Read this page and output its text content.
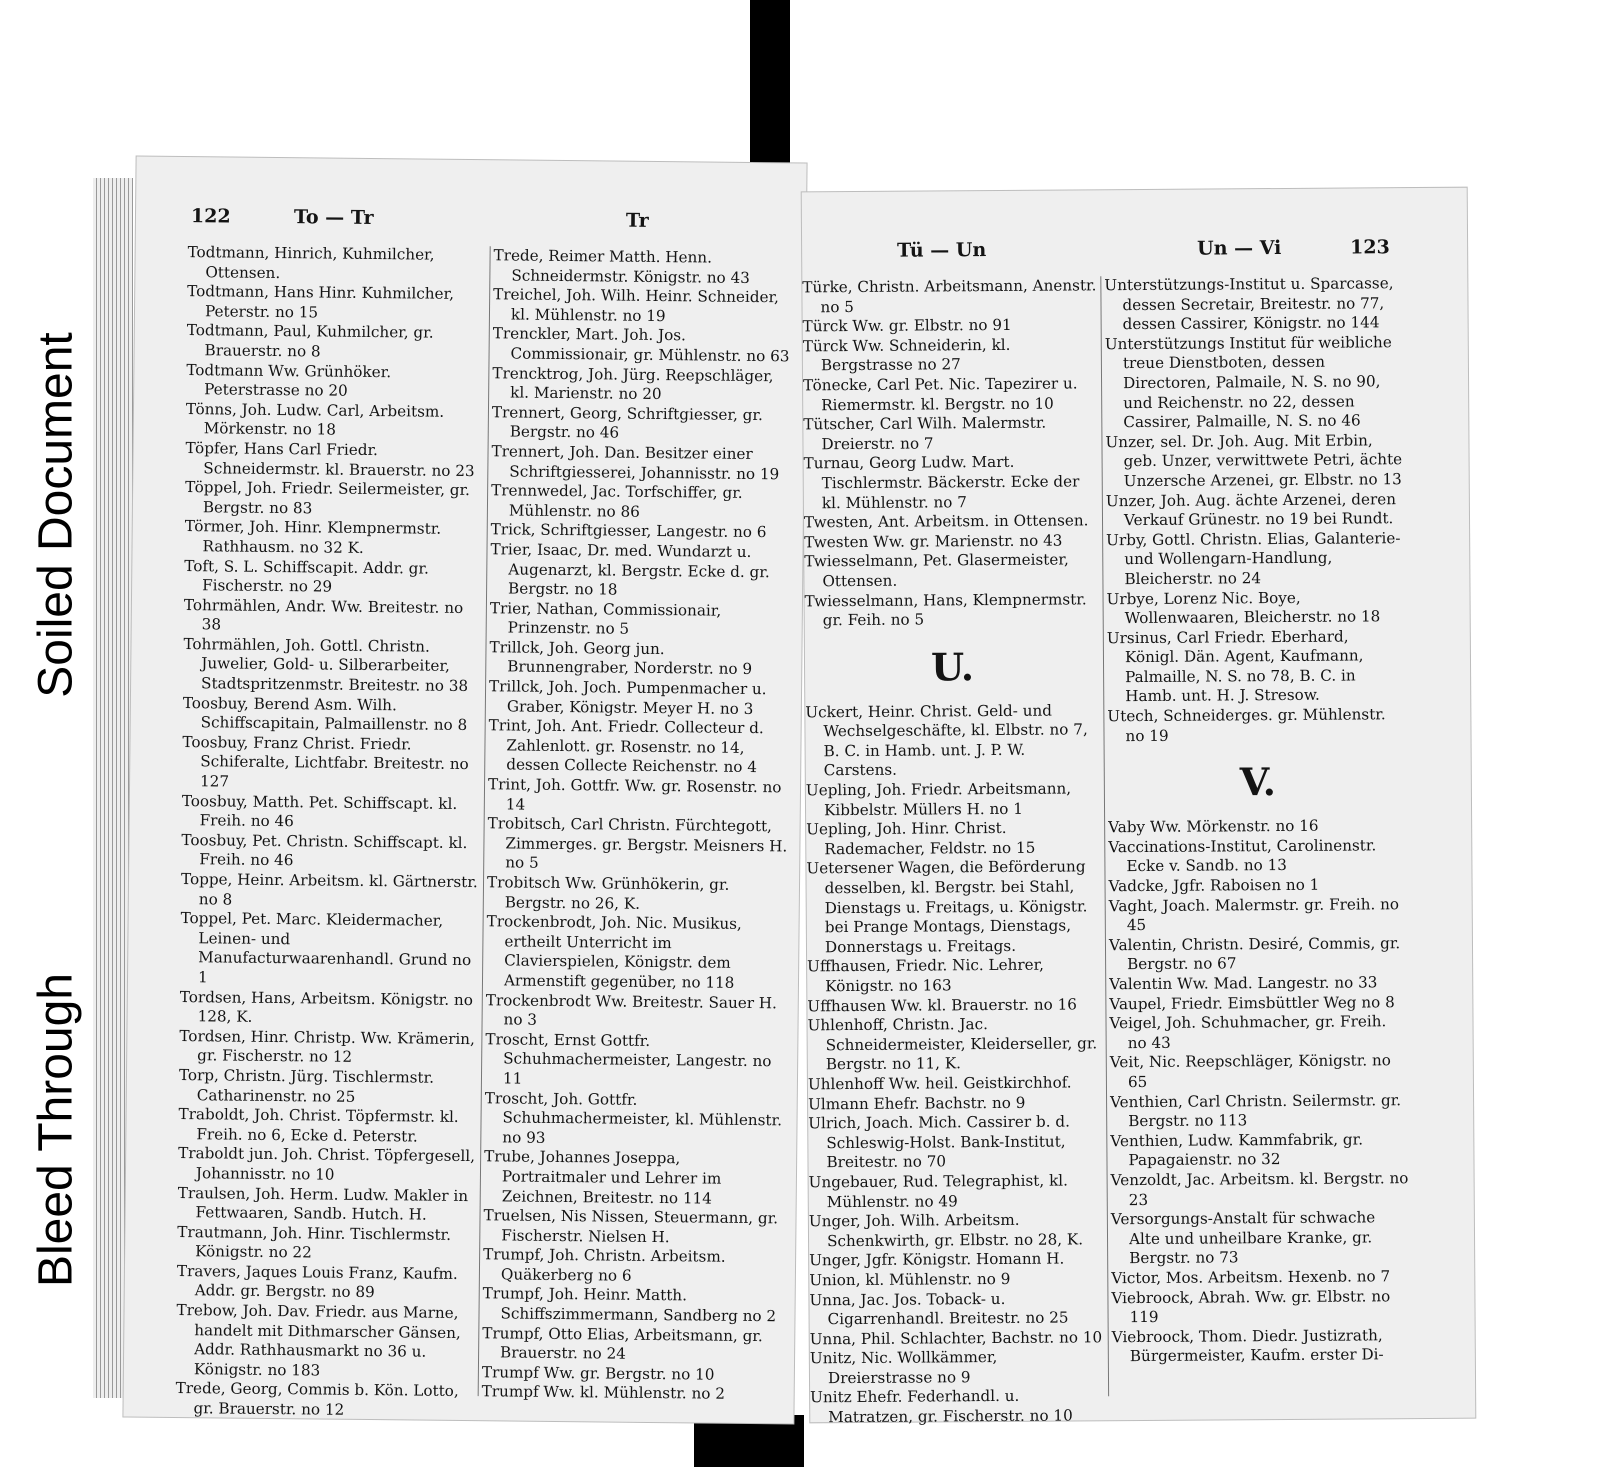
Soiled Document
Bleed Through
122	To — Tr	Tr
Todtmann, Hinrich, Kuhmilcher, Ottensen.
Todtmann, Hans Hinr. Kuhmilcher, Peterstr. no 15
Todtmann, Paul, Kuhmilcher, gr. Brauerstr. no 8
Todtmann Ww. Grünhöker. Peterstrasse no 20
Tönns, Joh. Ludw. Carl, Arbeitsm. Mörkenstr. no 18
Töpfer, Hans Carl Friedr. Schneidermstr. kl. Brauerstr. no 23
Töppel, Joh. Friedr. Seilermeister, gr. Bergstr. no 83
Törmer, Joh. Hinr. Klempnermstr. Rathhausm. no 32 K.
Toft, S. L. Schiffscapit. Addr. gr. Fischerstr. no 29
Tohrmählen, Andr. Ww. Breitestr. no 38
Tohrmählen, Joh. Gottl. Christn. Juwelier, Gold- u. Silberarbeiter, Stadtspritzenmstr. Breitestr. no 38
Toosbuy, Berend Asm. Wilh. Schiffscapitain, Palmaillenstr. no 8
Toosbuy, Franz Christ. Friedr. Schiferalte, Lichtfabr. Breitestr. no 127
Toosbuy, Matth. Pet. Schiffscapt. kl. Freih. no 46
Toosbuy, Pet. Christn. Schiffscapt. kl. Freih. no 46
Toppe, Heinr. Arbeitsm. kl. Gärtnerstr. no 8
Toppel, Pet. Marc. Kleidermacher, Leinen- und Manufacturwaarenhandl. Grund no 1
Tordsen, Hans, Arbeitsm. Königstr. no 128, K.
Tordsen, Hinr. Christp. Ww. Krämerin, gr. Fischerstr. no 12
Torp, Christn. Jürg. Tischlermstr. Catharinenstr. no 25
Traboldt, Joh. Christ. Töpfermstr. kl. Freih. no 6, Ecke d. Peterstr.
Traboldt jun. Joh. Christ. Töpfergesell, Johannisstr. no 10
Traulsen, Joh. Herm. Ludw. Makler in Fettwaaren, Sandb. Hutch. H.
Trautmann, Joh. Hinr. Tischlermstr. Königstr. no 22
Travers, Jaques Louis Franz, Kaufm. Addr. gr. Bergstr. no 89
Trebow, Joh. Dav. Friedr. aus Marne, handelt mit Dithmarscher Gänsen, Addr. Rathhausmarkt no 36 u. Königstr. no 183
Trede, Georg, Commis b. Kön. Lotto, gr. Brauerstr. no 12
Trede, Reimer Matth. Henn. Schneidermstr. Königstr. no 43
Treichel, Joh. Wilh. Heinr. Schneider, kl. Mühlenstr. no 19
Trenckler, Mart. Joh. Jos. Commissionair, gr. Mühlenstr. no 63
Trencktrog, Joh. Jürg. Reepschläger, kl. Marienstr. no 20
Trennert, Georg, Schriftgiesser, gr. Bergstr. no 46
Trennert, Joh. Dan. Besitzer einer Schriftgiesserei, Johannisstr. no 19
Trennwedel, Jac. Torfschiffer, gr. Mühlenstr. no 86
Trick, Schriftgiesser, Langestr. no 6
Trier, Isaac, Dr. med. Wundarzt u. Augenarzt, kl. Bergstr. Ecke d. gr. Bergstr. no 18
Trier, Nathan, Commissionair, Prinzenstr. no 5
Trillck, Joh. Georg jun. Brunnengraber, Norderstr. no 9
Trillck, Joh. Joch. Pumpenmacher u. Graber, Königstr. Meyer H. no 3
Trint, Joh. Ant. Friedr. Collecteur d. Zahlenlott. gr. Rosenstr. no 14, dessen Collecte Reichenstr. no 4
Trint, Joh. Gottfr. Ww. gr. Rosenstr. no 14
Trobitsch, Carl Christn. Fürchtegott, Zimmerges. gr. Bergstr. Meisners H. no 5
Trobitsch Ww. Grünhökerin, gr. Bergstr. no 26, K.
Trockenbrodt, Joh. Nic. Musikus, ertheilt Unterricht im Clavierspielen, Königstr. dem Armenstift gegenüber, no 118
Trockenbrodt Ww. Breitestr. Sauer H. no 3
Troscht, Ernst Gottfr. Schuhmachermeister, Langestr. no 11
Troscht, Joh. Gottfr. Schuhmachermeister, kl. Mühlenstr. no 93
Trube, Johannes Joseppa, Portraitmaler und Lehrer im Zeichnen, Breitestr. no 114
Truelsen, Nis Nissen, Steuermann, gr. Fischerstr. Nielsen H.
Trumpf, Joh. Christn. Arbeitsm. Quäkerberg no 6
Trumpf, Joh. Heinr. Matth. Schiffszimmermann, Sandberg no 2
Trumpf, Otto Elias, Arbeitsmann, gr. Brauerstr. no 24
Trumpf Ww. gr. Bergstr. no 10
Trumpf Ww. kl. Mühlenstr. no 2
Tü — Un	Un — Vi	123
Türke, Christn. Arbeitsmann, Anenstr. no 5
Türck Ww. gr. Elbstr. no 91
Türck Ww. Schneiderin, kl. Bergstrasse no 27
Tönecke, Carl Pet. Nic. Tapezirer u. Riemermstr. kl. Bergstr. no 10
Tütscher, Carl Wilh. Malermstr. Dreierstr. no 7
Turnau, Georg Ludw. Mart. Tischlermstr. Bäckerstr. Ecke der kl. Mühlenstr. no 7
Twesten, Ant. Arbeitsm. in Ottensen.
Twesten Ww. gr. Marienstr. no 43
Twiesselmann, Pet. Glasermeister, Ottensen.
Twiesselmann, Hans, Klempnermstr. gr. Feih. no 5
U.
Uckert, Heinr. Christ. Geld- und Wechselgeschäfte, kl. Elbstr. no 7, B. C. in Hamb. unt. J. P. W. Carstens.
Uepling, Joh. Friedr. Arbeitsmann, Kibbelstr. Müllers H. no 1
Uepling, Joh. Hinr. Christ. Rademacher, Feldstr. no 15
Uetersener Wagen, die Beförderung desselben, kl. Bergstr. bei Stahl, Dienstags u. Freitags, u. Königstr. bei Prange Montags, Dienstags, Donnerstags u. Freitags.
Uffhausen, Friedr. Nic. Lehrer, Königstr. no 163
Uffhausen Ww. kl. Brauerstr. no 16
Uhlenhoff, Christn. Jac. Schneidermeister, Kleiderseller, gr. Bergstr. no 11, K.
Uhlenhoff Ww. heil. Geistkirchhof.
Ulmann Ehefr. Bachstr. no 9
Ulrich, Joach. Mich. Cassirer b. d. Schleswig-Holst. Bank-Institut, Breitestr. no 70
Ungebauer, Rud. Telegraphist, kl. Mühlenstr. no 49
Unger, Joh. Wilh. Arbeitsm. Schenkwirth, gr. Elbstr. no 28, K.
Unger, Jgfr. Königstr. Homann H.
Union, kl. Mühlenstr. no 9
Unna, Jac. Jos. Toback- u. Cigarrenhandl. Breitestr. no 25
Unna, Phil. Schlachter, Bachstr. no 10
Unitz, Nic. Wollkämmer, Dreierstrasse no 9
Unitz Ehefr. Federhandl. u. Matratzen, gr. Fischerstr. no 10
Unterstützungs-Institut u. Sparcasse, dessen Secretair, Breitestr. no 77, dessen Cassirer, Königstr. no 144
Unterstützungs Institut für weibliche treue Dienstboten, dessen Directoren, Palmaile, N. S. no 90, und Reichenstr. no 22, dessen Cassirer, Palmaille, N. S. no 46
Unzer, sel. Dr. Joh. Aug. Mit Erbin, geb. Unzer, verwittwete Petri, ächte Unzersche Arzenei, gr. Elbstr. no 13
Unzer, Joh. Aug. ächte Arzenei, deren Verkauf Grünestr. no 19 bei Rundt.
Urby, Gottl. Christn. Elias, Galanterie- und Wollengarn-Handlung, Bleicherstr. no 24
Urbye, Lorenz Nic. Boye, Wollenwaaren, Bleicherstr. no 18
Ursinus, Carl Friedr. Eberhard, Königl. Dän. Agent, Kaufmann, Palmaille, N. S. no 78, B. C. in Hamb. unt. H. J. Stresow.
Utech, Schneiderges. gr. Mühlenstr. no 19
V.
Vaby Ww. Mörkenstr. no 16
Vaccinations-Institut, Carolinenstr. Ecke v. Sandb. no 13
Vadcke, Jgfr. Raboisen no 1
Vaght, Joach. Malermstr. gr. Freih. no 45
Valentin, Christn. Desiré, Commis, gr. Bergstr. no 67
Valentin Ww. Mad. Langestr. no 33
Vaupel, Friedr. Eimsbüttler Weg no 8
Veigel, Joh. Schuhmacher, gr. Freih. no 43
Veit, Nic. Reepschläger, Königstr. no 65
Venthien, Carl Christn. Seilermstr. gr. Bergstr. no 113
Venthien, Ludw. Kammfabrik, gr. Papagaienstr. no 32
Venzoldt, Jac. Arbeitsm. kl. Bergstr. no 23
Versorgungs-Anstalt für schwache Alte und unheilbare Kranke, gr. Bergstr. no 73
Victor, Mos. Arbeitsm. Hexenb. no 7
Viebroock, Abrah. Ww. gr. Elbstr. no 119
Viebroock, Thom. Diedr. Justizrath, Bürgermeister, Kaufm. erster Di-
